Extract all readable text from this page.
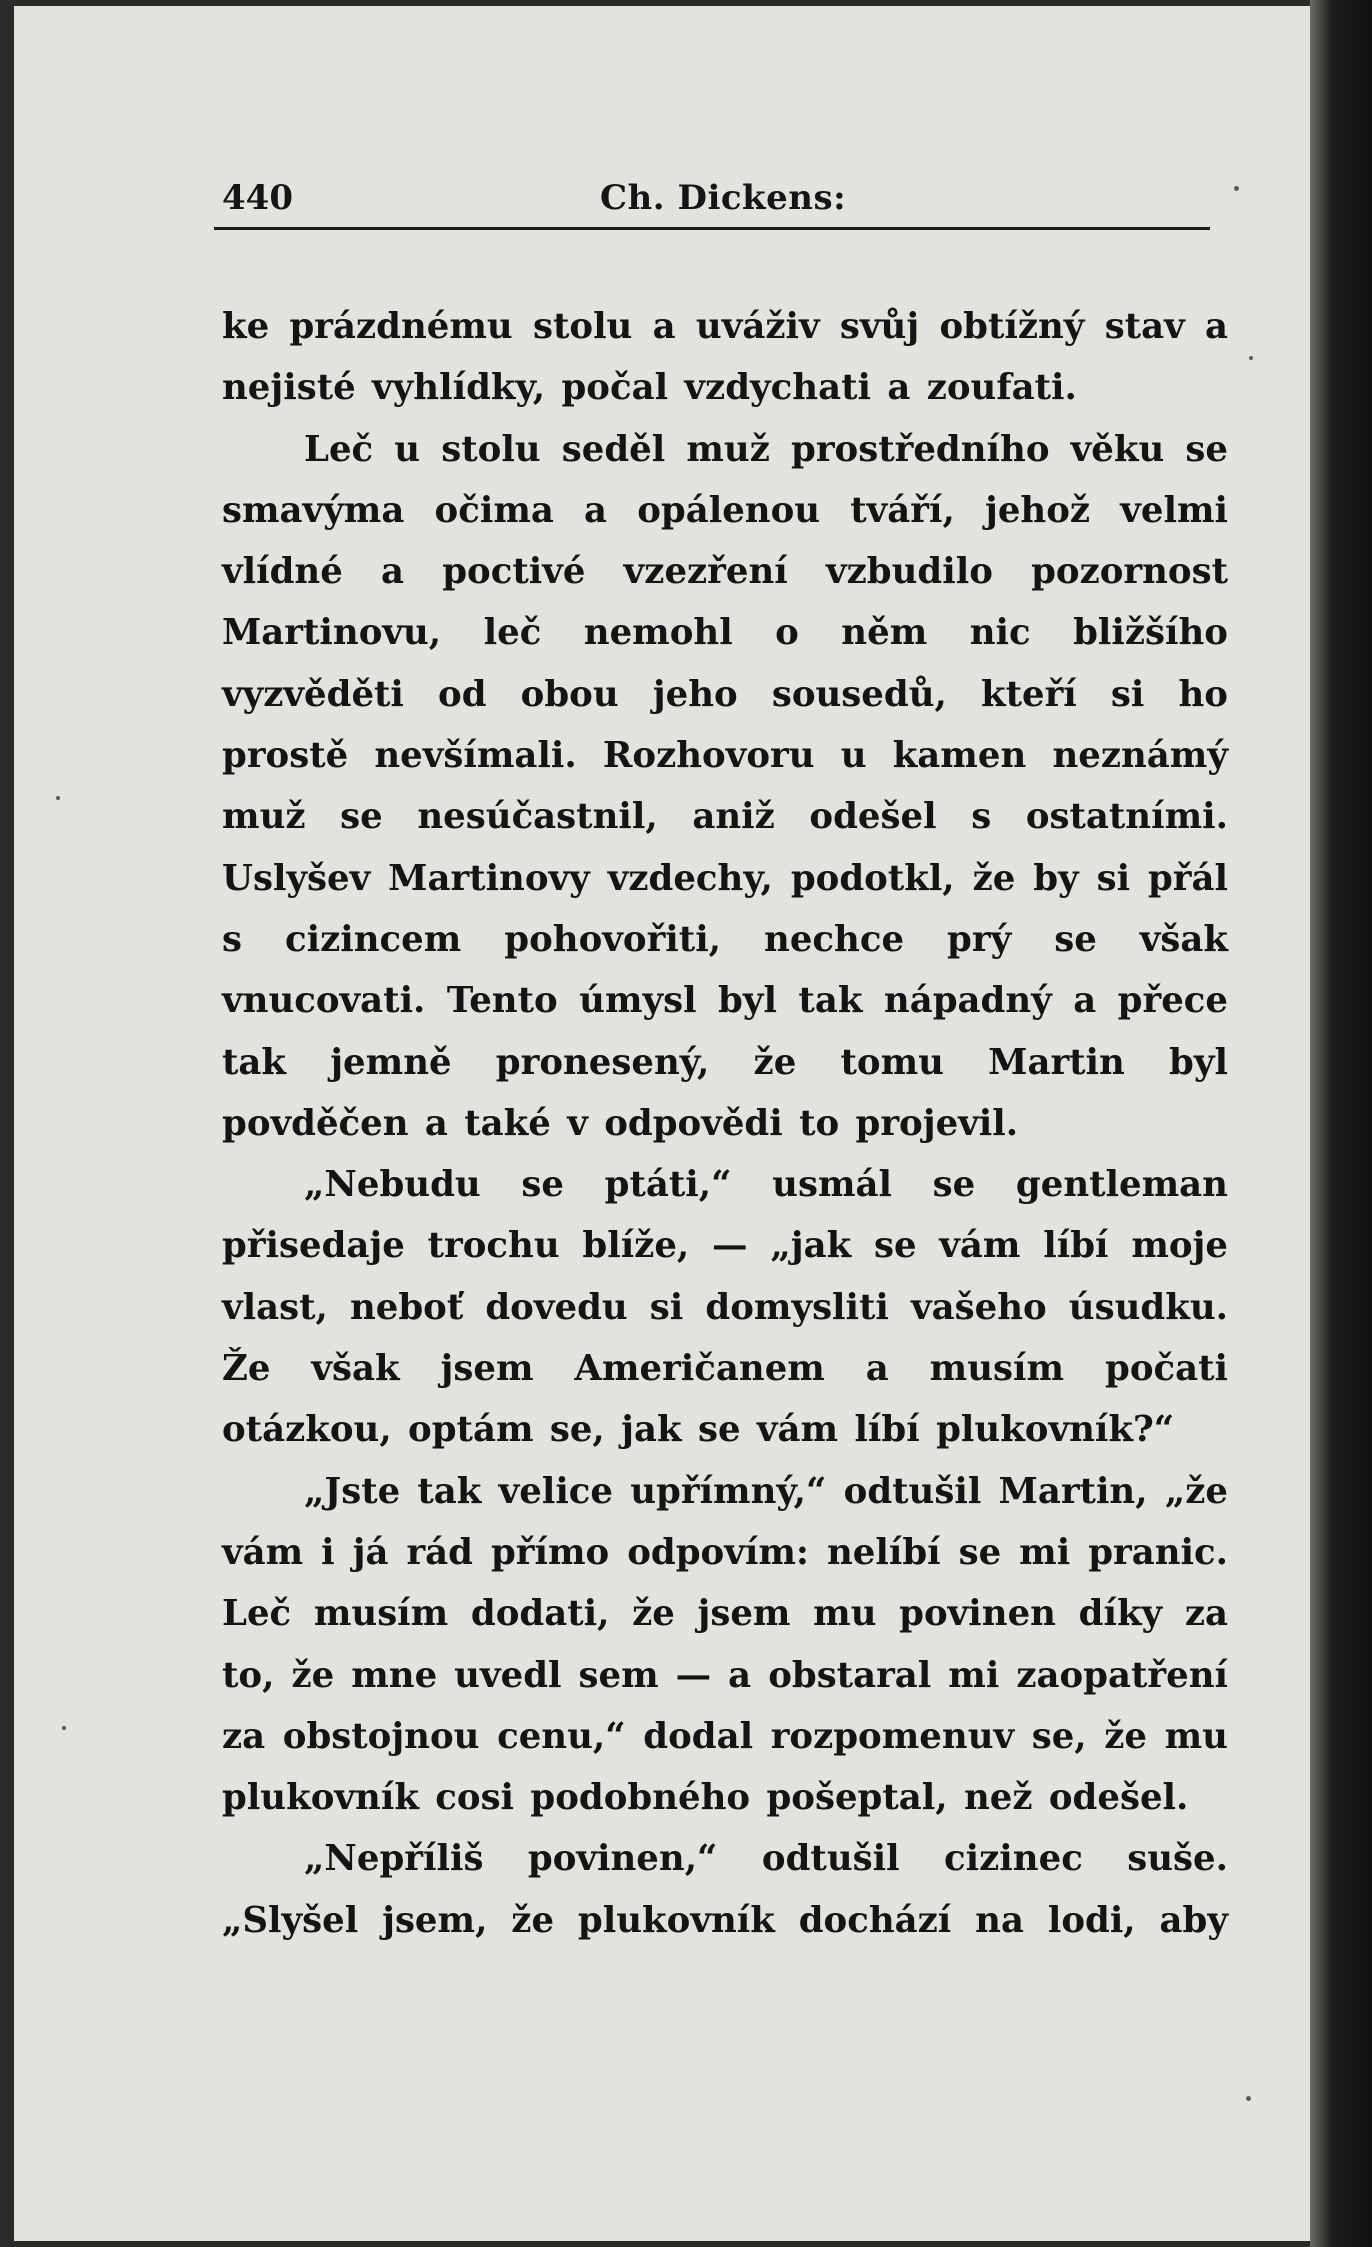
440	Ch. Dickens:

ke prázdnému stolu a uváživ svůj obtížný stav a nejisté vyhlídky, počal vzdychati a zoufati.

Leč u stolu seděl muž prostředního věku se smavýma očima a opálenou tváří, jehož velmi vlídné a poctivé vzezření vzbudilo pozornost Martinovu, leč nemohl o něm nic bližšího vyzvěděti od obou jeho sousedů, kteří si ho prostě nevšímali. Rozhovoru u kamen neznámý muž se nesúčastnil, aniž odešel s ostatními. Uslyšev Martinovy vzdechy, podotkl, že by si přál s cizincem pohovořiti, nechce prý se však vnucovati. Tento úmysl byl tak nápadný a přece tak jemně pronesený, že tomu Martin byl povděčen a také v odpovědi to projevil.

„Nebudu se ptáti,“ usmál se gentleman přisedaje trochu blíže, — „jak se vám líbí moje vlast, neboť dovedu si domysliti vašeho úsudku. Že však jsem Američanem a musím počati otázkou, optám se, jak se vám líbí plukovník?“

„Jste tak velice upřímný,“ odtušil Martin, „že vám i já rád přímo odpovím: nelíbí se mi pranic. Leč musím dodati, že jsem mu povinen díky za to, že mne uvedl sem — a obstaral mi zaopatření za obstojnou cenu,“ dodal rozpomenuv se, že mu plukovník cosi podobného pošeptal, než odešel.

„Nepříliš povinen,“ odtušil cizinec suše. „Slyšel jsem, že plukovník dochází na lodi, aby
